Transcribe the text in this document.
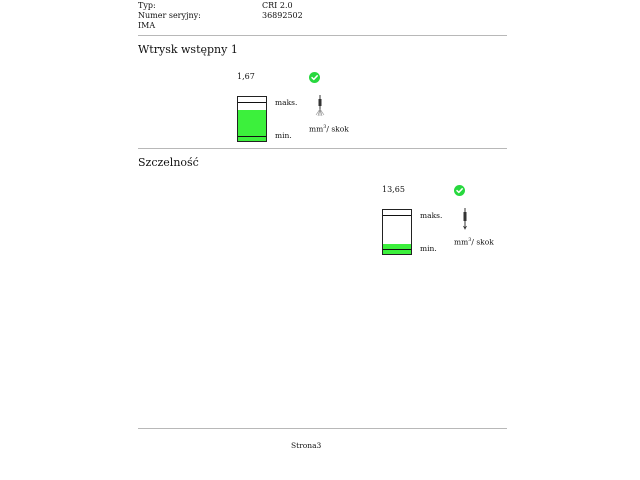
Typ:	CRI 2.0
Numer seryjny:	36892502
IMA
Wtrysk wstępny 1
1,67
maks.
min.
$mm^3/$ skok
Szczelność
13,65
maks.
min.
$mm^3/$ skok
Strona3
